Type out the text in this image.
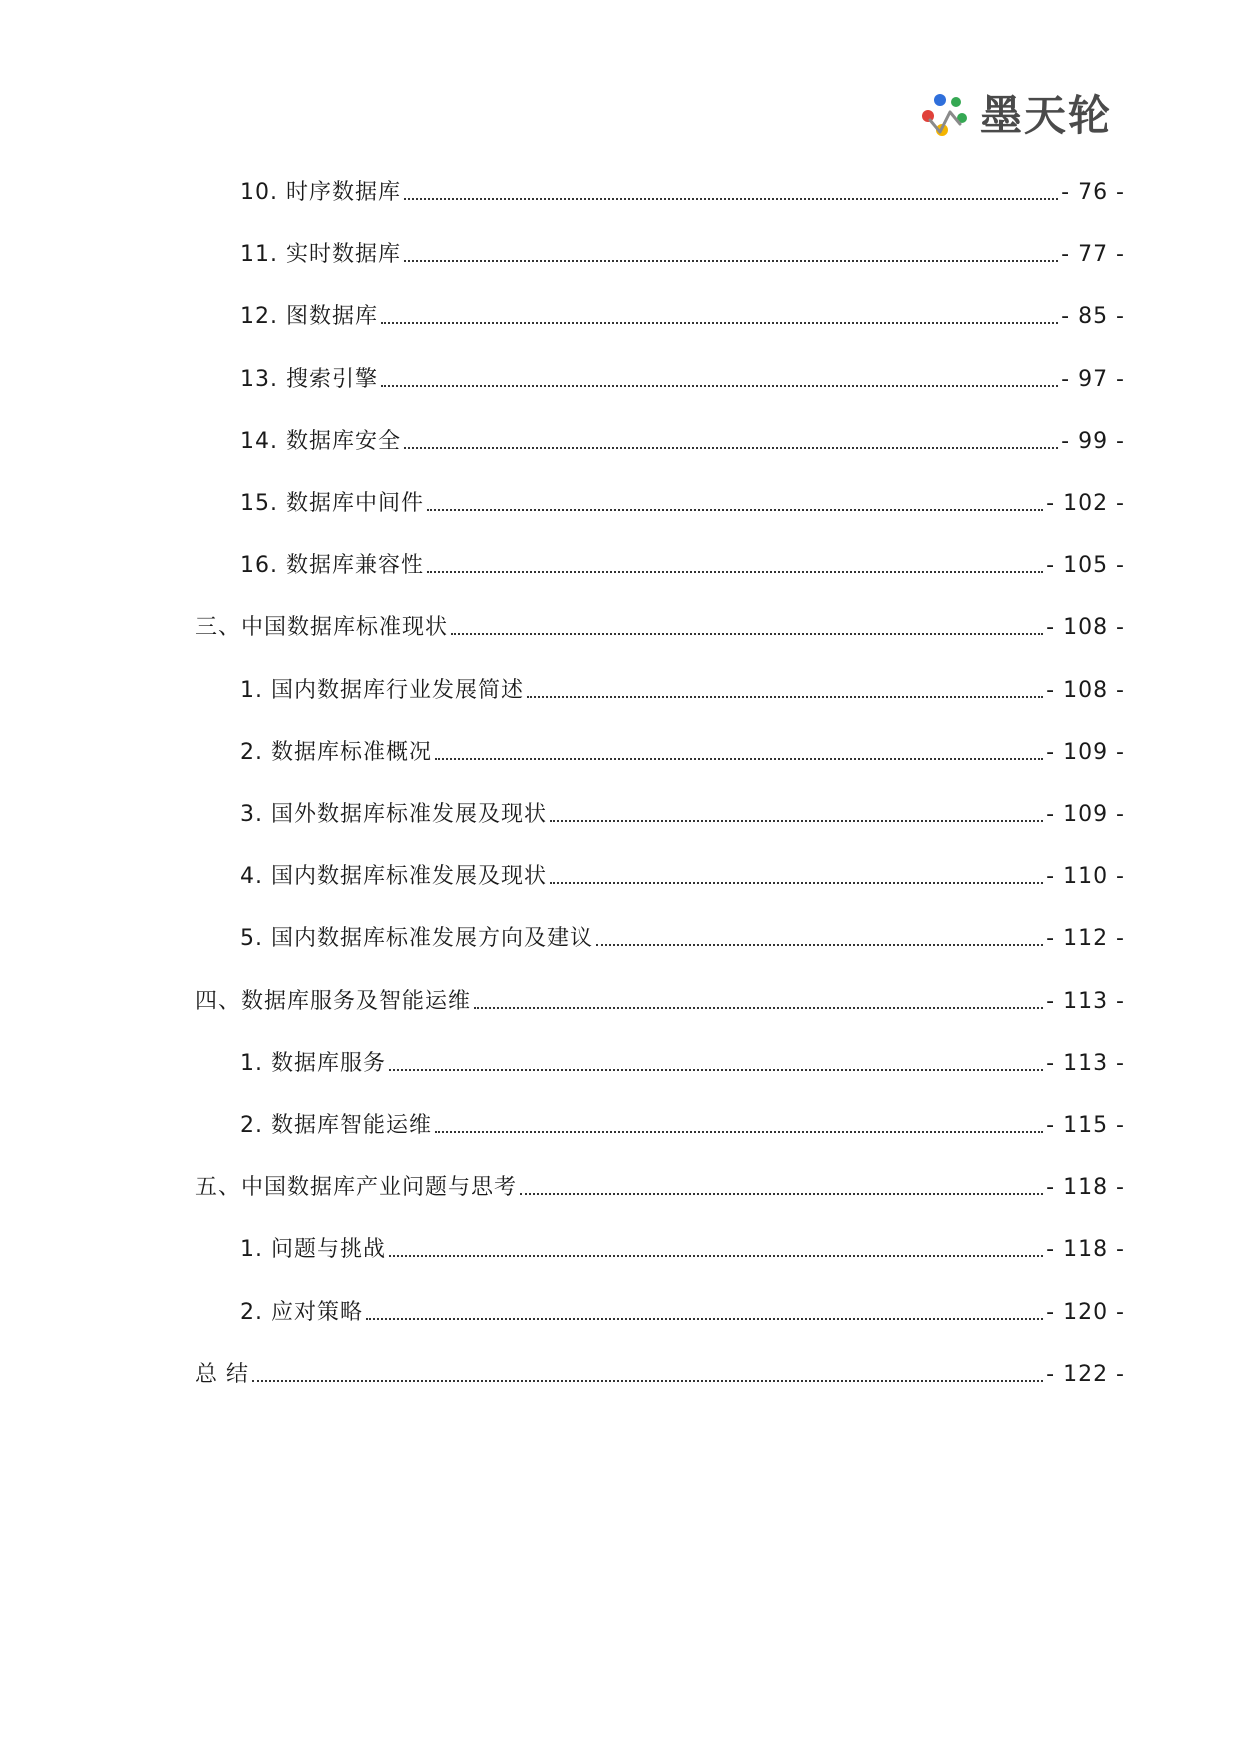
墨天轮
10. 时序数据库	- 76 -
11. 实时数据库	- 77 -
12. 图数据库	- 85 -
13. 搜索引擎	- 97 -
14. 数据库安全	- 99 -
15. 数据库中间件	- 102 -
16. 数据库兼容性	- 105 -
三、中国数据库标准现状	- 108 -
1. 国内数据库行业发展简述	- 108 -
2. 数据库标准概况	- 109 -
3. 国外数据库标准发展及现状	- 109 -
4. 国内数据库标准发展及现状	- 110 -
5. 国内数据库标准发展方向及建议	- 112 -
四、数据库服务及智能运维	- 113 -
1. 数据库服务	- 113 -
2. 数据库智能运维	- 115 -
五、中国数据库产业问题与思考	- 118 -
1. 问题与挑战	- 118 -
2. 应对策略	- 120 -
总 结	- 122 -
